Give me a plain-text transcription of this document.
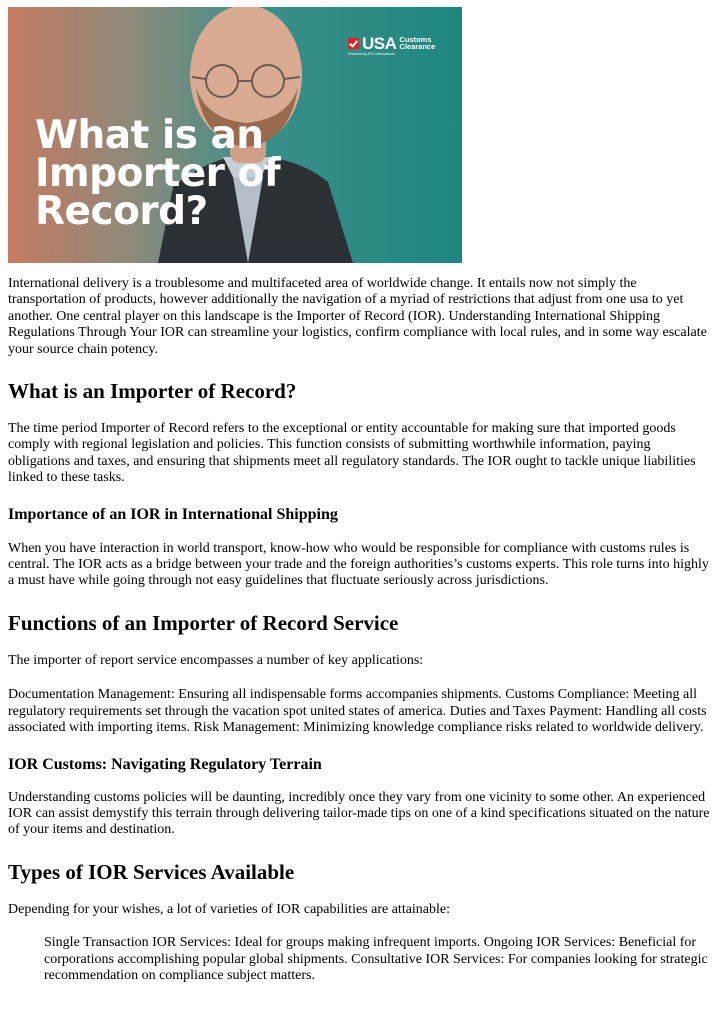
USA Customs Clearance
Powered by AFC International
What is an Importer of Record?

International delivery is a troublesome and multifaceted area of worldwide change. It entails now not simply the transportation of products, however additionally the navigation of a myriad of restrictions that adjust from one usa to yet another. One central player on this landscape is the Importer of Record (IOR). Understanding International Shipping Regulations Through Your IOR can streamline your logistics, confirm compliance with local rules, and in some way escalate your source chain potency.

What is an Importer of Record?

The time period Importer of Record refers to the exceptional or entity accountable for making sure that imported goods comply with regional legislation and policies. This function consists of submitting worthwhile information, paying obligations and taxes, and ensuring that shipments meet all regulatory standards. The IOR ought to tackle unique liabilities linked to these tasks.

Importance of an IOR in International Shipping

When you have interaction in world transport, know-how who would be responsible for compliance with customs rules is central. The IOR acts as a bridge between your trade and the foreign authorities’s customs experts. This role turns into highly a must have while going through not easy guidelines that fluctuate seriously across jurisdictions.

Functions of an Importer of Record Service

The importer of report service encompasses a number of key applications:

Documentation Management: Ensuring all indispensable forms accompanies shipments. Customs Compliance: Meeting all regulatory requirements set through the vacation spot united states of america. Duties and Taxes Payment: Handling all costs associated with importing items. Risk Management: Minimizing knowledge compliance risks related to worldwide delivery.

IOR Customs: Navigating Regulatory Terrain

Understanding customs policies will be daunting, incredibly once they vary from one vicinity to some other. An experienced IOR can assist demystify this terrain through delivering tailor-made tips on one of a kind specifications situated on the nature of your items and destination.

Types of IOR Services Available

Depending for your wishes, a lot of varieties of IOR capabilities are attainable:

Single Transaction IOR Services: Ideal for groups making infrequent imports. Ongoing IOR Services: Beneficial for corporations accomplishing popular global shipments. Consultative IOR Services: For companies looking for strategic recommendation on compliance subject matters.
